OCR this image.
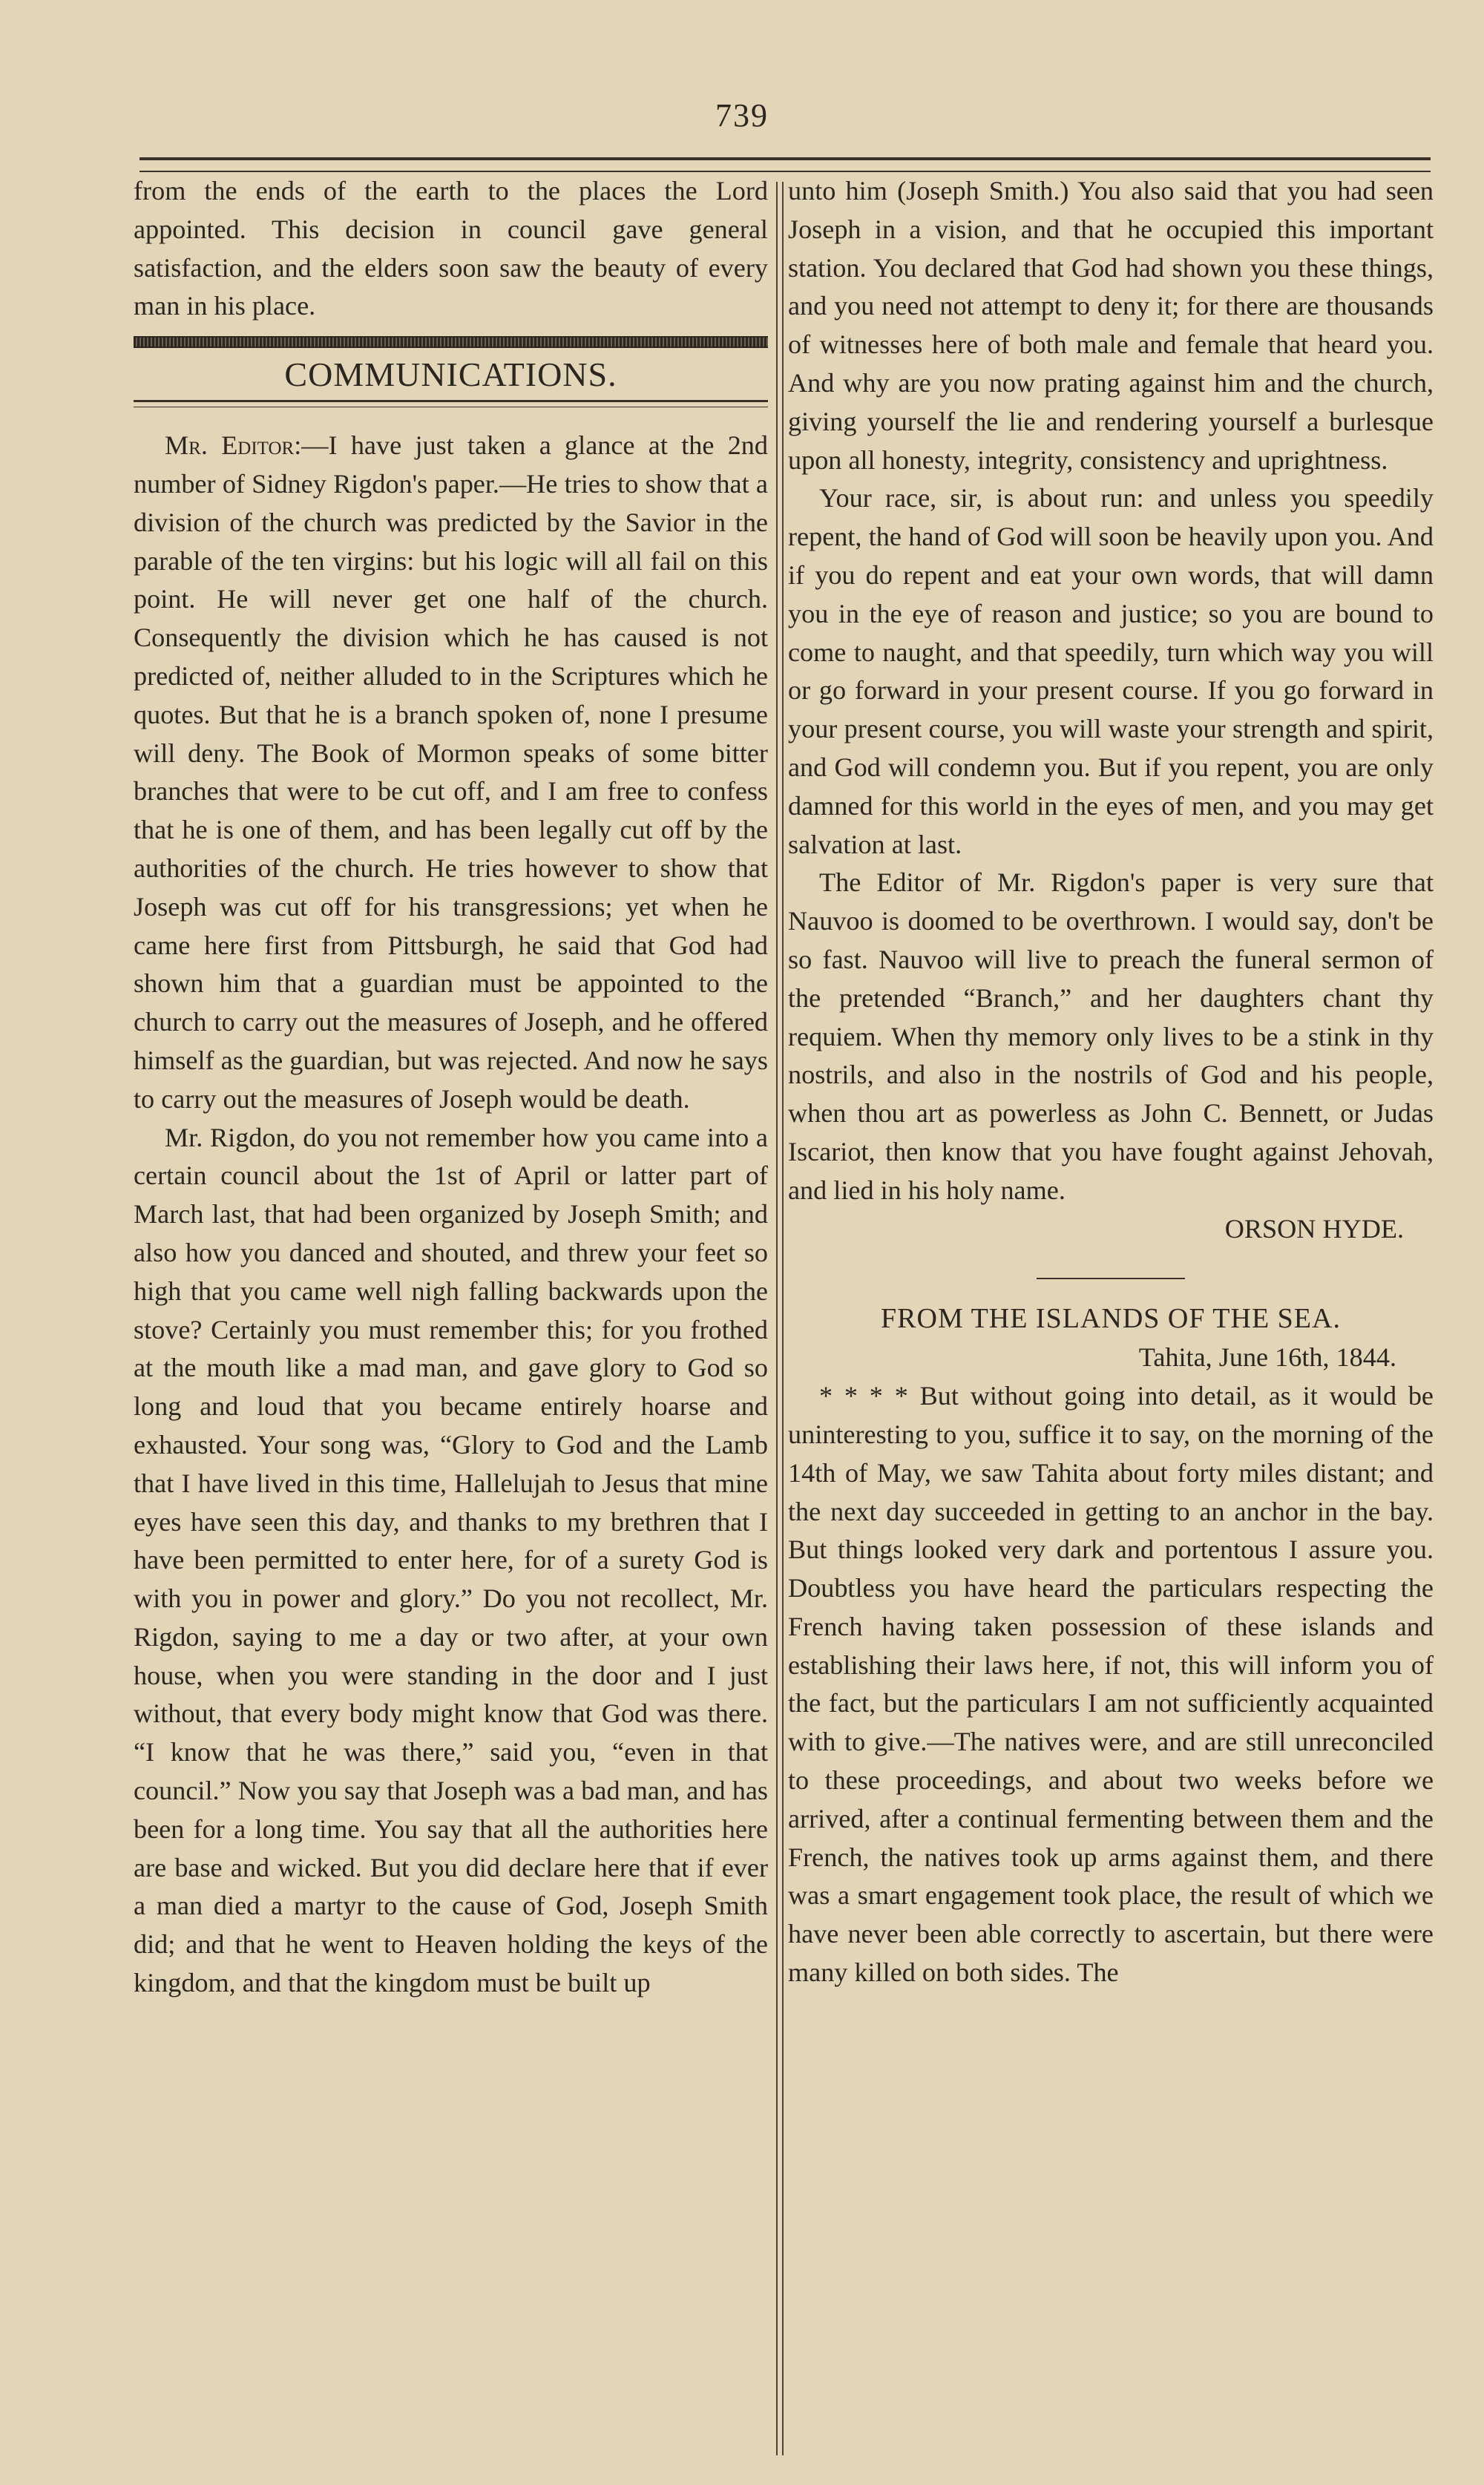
739

from the ends of the earth to the places the Lord appointed. This decision in council gave general satisfaction, and the elders soon saw the beauty of every man in his place.

COMMUNICATIONS.

Mr. Editor:—I have just taken a glance at the 2nd number of Sidney Rigdon's paper.—He tries to show that a division of the church was predicted by the Savior in the parable of the ten virgins: but his logic will all fail on this point. He will never get one half of the church. Consequently the division which he has caused is not predicted of, neither alluded to in the Scriptures which he quotes. But that he is a branch spoken of, none I presume will deny. The Book of Mormon speaks of some bitter branches that were to be cut off, and I am free to confess that he is one of them, and has been legally cut off by the authorities of the church. He tries however to show that Joseph was cut off for his transgressions; yet when he came here first from Pittsburgh, he said that God had shown him that a guardian must be appointed to the church to carry out the measures of Joseph, and he offered himself as the guardian, but was rejected. And now he says to carry out the measures of Joseph would be death.

Mr. Rigdon, do you not remember how you came into a certain council about the 1st of April or latter part of March last, that had been organized by Joseph Smith; and also how you danced and shouted, and threw your feet so high that you came well nigh falling backwards upon the stove? Certainly you must remember this; for you frothed at the mouth like a mad man, and gave glory to God so long and loud that you became entirely hoarse and exhausted. Your song was, “Glory to God and the Lamb that I have lived in this time, Hallelujah to Jesus that mine eyes have seen this day, and thanks to my brethren that I have been permitted to enter here, for of a surety God is with you in power and glory.” Do you not recollect, Mr. Rigdon, saying to me a day or two after, at your own house, when you were standing in the door and I just without, that every body might know that God was there. “I know that he was there,” said you, “even in that council.” Now you say that Joseph was a bad man, and has been for a long time. You say that all the authorities here are base and wicked. But you did declare here that if ever a man died a martyr to the cause of God, Joseph Smith did; and that he went to Heaven holding the keys of the kingdom, and that the kingdom must be built up

unto him (Joseph Smith.) You also said that you had seen Joseph in a vision, and that he occupied this important station. You declared that God had shown you these things, and you need not attempt to deny it; for there are thousands of witnesses here of both male and female that heard you. And why are you now prating against him and the church, giving yourself the lie and rendering yourself a burlesque upon all honesty, integrity, consistency and uprightness.

Your race, sir, is about run: and unless you speedily repent, the hand of God will soon be heavily upon you. And if you do repent and eat your own words, that will damn you in the eye of reason and justice; so you are bound to come to naught, and that speedily, turn which way you will or go forward in your present course. If you go forward in your present course, you will waste your strength and spirit, and God will condemn you. But if you repent, you are only damned for this world in the eyes of men, and you may get salvation at last.

The Editor of Mr. Rigdon's paper is very sure that Nauvoo is doomed to be overthrown. I would say, don't be so fast. Nauvoo will live to preach the funeral sermon of the pretended “Branch,” and her daughters chant thy requiem. When thy memory only lives to be a stink in thy nostrils, and also in the nostrils of God and his people, when thou art as powerless as John C. Bennett, or Judas Iscariot, then know that you have fought against Jehovah, and lied in his holy name.

ORSON HYDE.

FROM THE ISLANDS OF THE SEA.

Tahita, June 16th, 1844.

* * * * But without going into detail, as it would be uninteresting to you, suffice it to say, on the morning of the 14th of May, we saw Tahita about forty miles distant; and the next day succeeded in getting to an anchor in the bay. But things looked very dark and portentous I assure you. Doubtless you have heard the particulars respecting the French having taken possession of these islands and establishing their laws here, if not, this will inform you of the fact, but the particulars I am not sufficiently acquainted with to give.—The natives were, and are still unreconciled to these proceedings, and about two weeks before we arrived, after a continual fermenting between them and the French, the natives took up arms against them, and there was a smart engagement took place, the result of which we have never been able correctly to ascertain, but there were many killed on both sides. The
